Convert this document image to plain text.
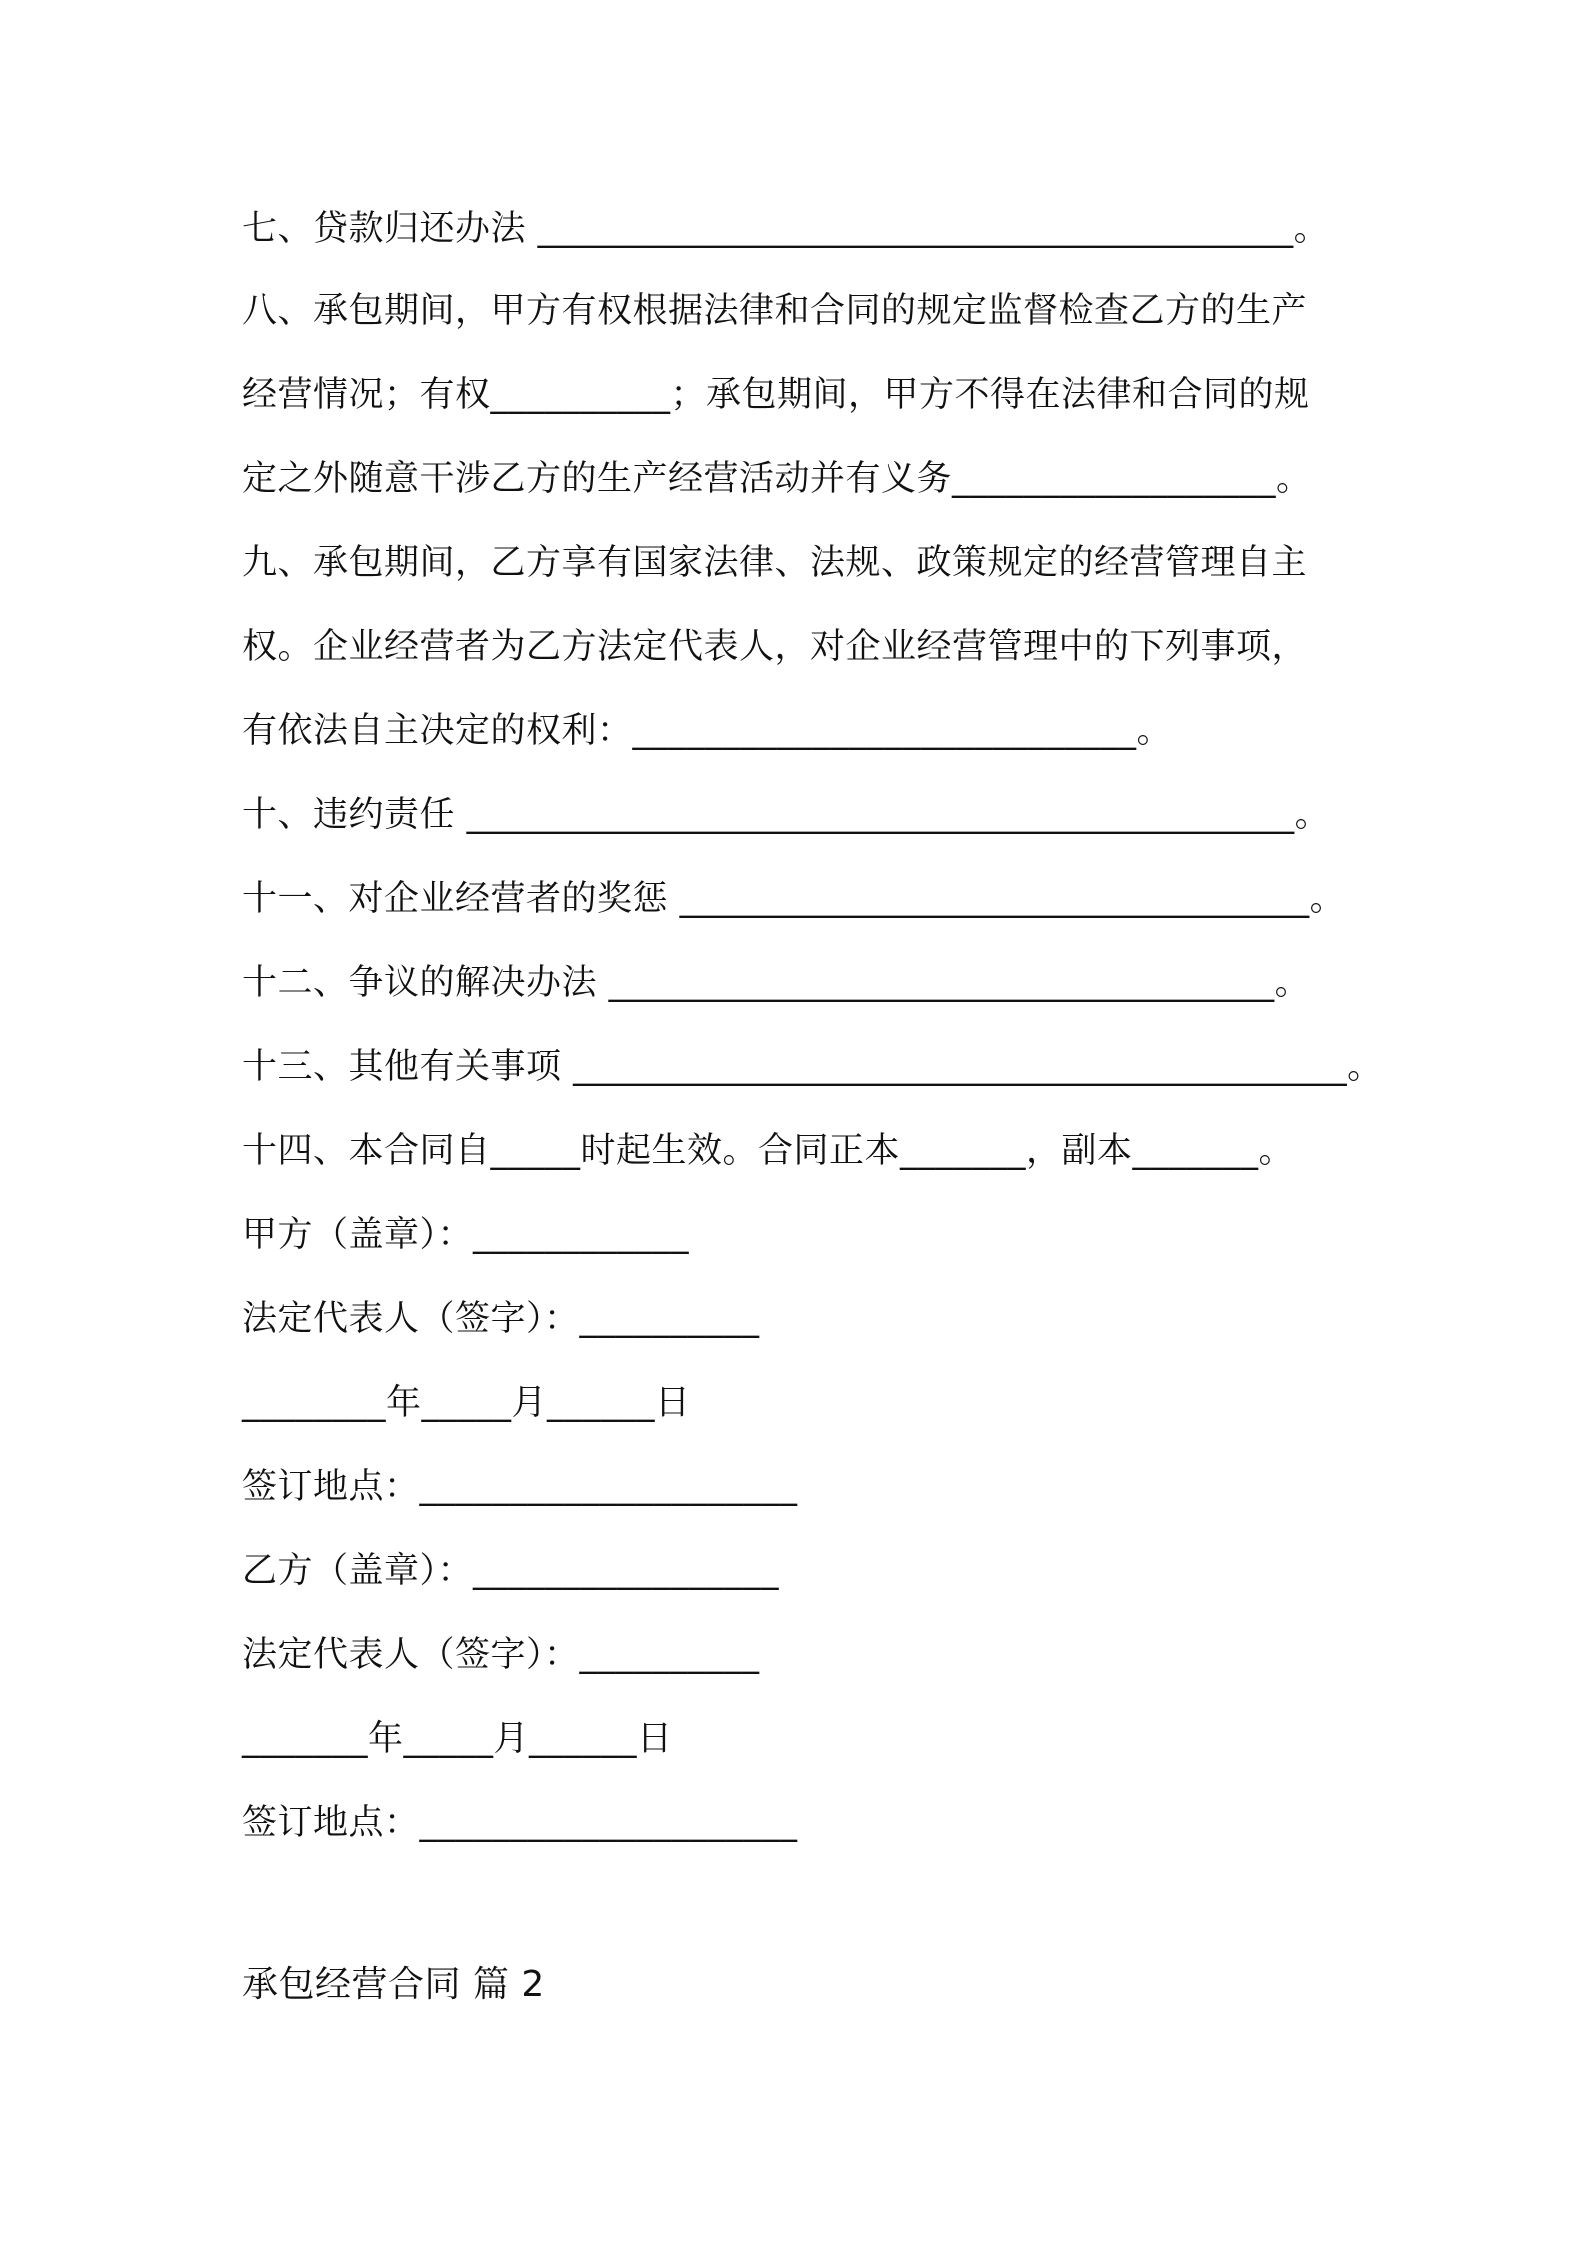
七、贷款归还办法 __________________________________________。
八、承包期间，甲方有权根据法律和合同的规定监督检查乙方的生产
经营情况；有权__________；承包期间，甲方不得在法律和合同的规
定之外随意干涉乙方的生产经营活动并有义务__________________。
九、承包期间，乙方享有国家法律、法规、政策规定的经营管理自主
权。企业经营者为乙方法定代表人，对企业经营管理中的下列事项，
有依法自主决定的权利：____________________________。
十、违约责任 ______________________________________________。
十一、对企业经营者的奖惩 ___________________________________。
十二、争议的解决办法 _____________________________________。
十三、其他有关事项 ___________________________________________。
十四、本合同自_____时起生效。合同正本_______，副本_______。
甲方（盖章）：____________
法定代表人（签字）：__________
________年_____月______日
签订地点：_____________________
乙方（盖章）：_________________
法定代表人（签字）：__________
_______年_____月______日
签订地点：_____________________
承包经营合同 篇 2
